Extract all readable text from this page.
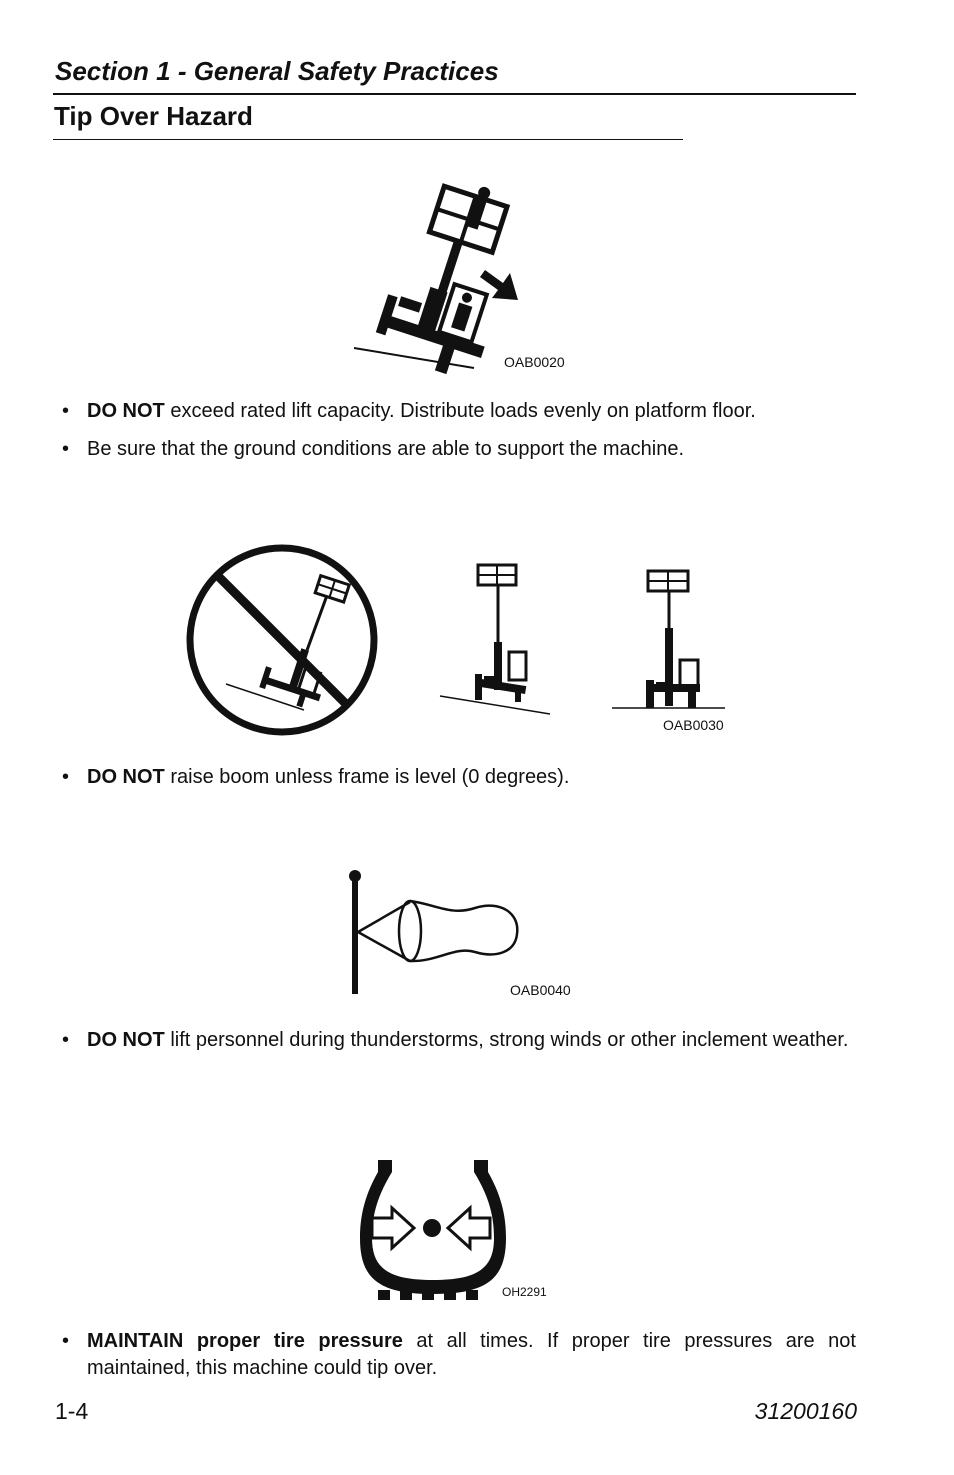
Section 1 - General Safety Practices
Tip Over Hazard
OAB0020
• DO NOT exceed rated lift capacity. Distribute loads evenly on platform floor.
• Be sure that the ground conditions are able to support the machine.
OAB0030
• DO NOT raise boom unless frame is level (0 degrees).
OAB0040
• DO NOT lift personnel during thunderstorms, strong winds or other inclement weather.
OH2291
• MAINTAIN proper tire pressure at all times. If proper tire pressures are not maintained, this machine could tip over.
1-4	31200160
